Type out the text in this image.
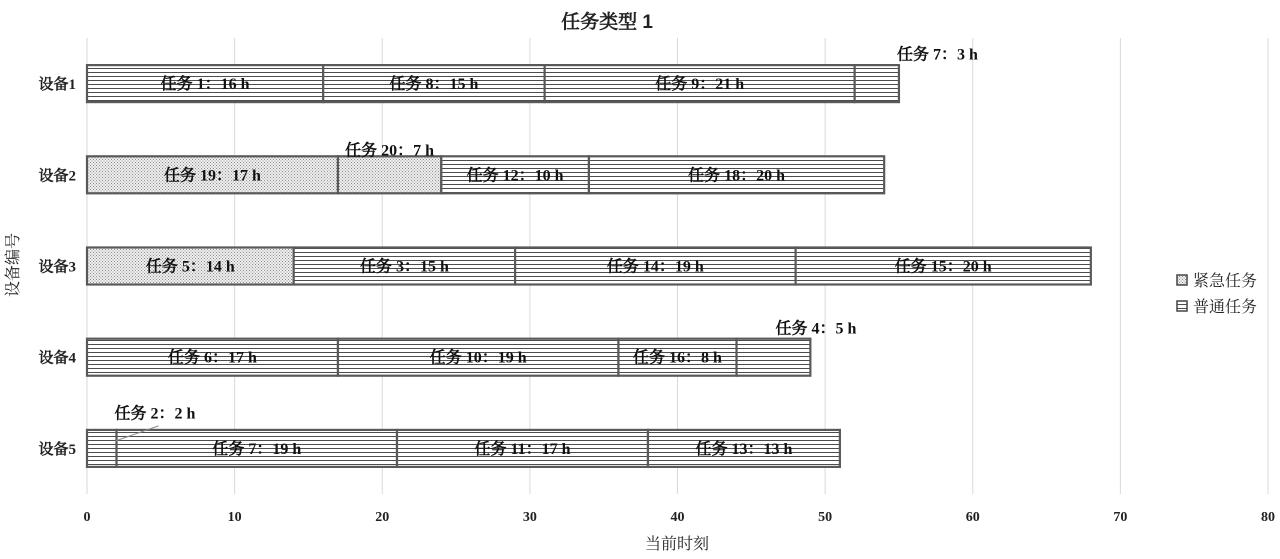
任务类型 1
任务 1：16 h	任务 8：15 h	任务 9：21 h
任务 7：3 h
任务 19：17 h
任务 20：7 h
任务 12：10 h	任务 18：20 h
任务 5：14 h	任务 3：15 h	任务 14：19 h	任务 15：20 h
任务 6：17 h	任务 10：19 h	任务 16：8 h
任务 4：5 h
任务 2：2 h
任务 7：19 h	任务 11：17 h	任务 13：13 h
设备1
设备2
设备3
设备4
设备5
0	10	20	30	40	50	60	70	80
当前时刻
设备编号	紧急任务
普通任务
